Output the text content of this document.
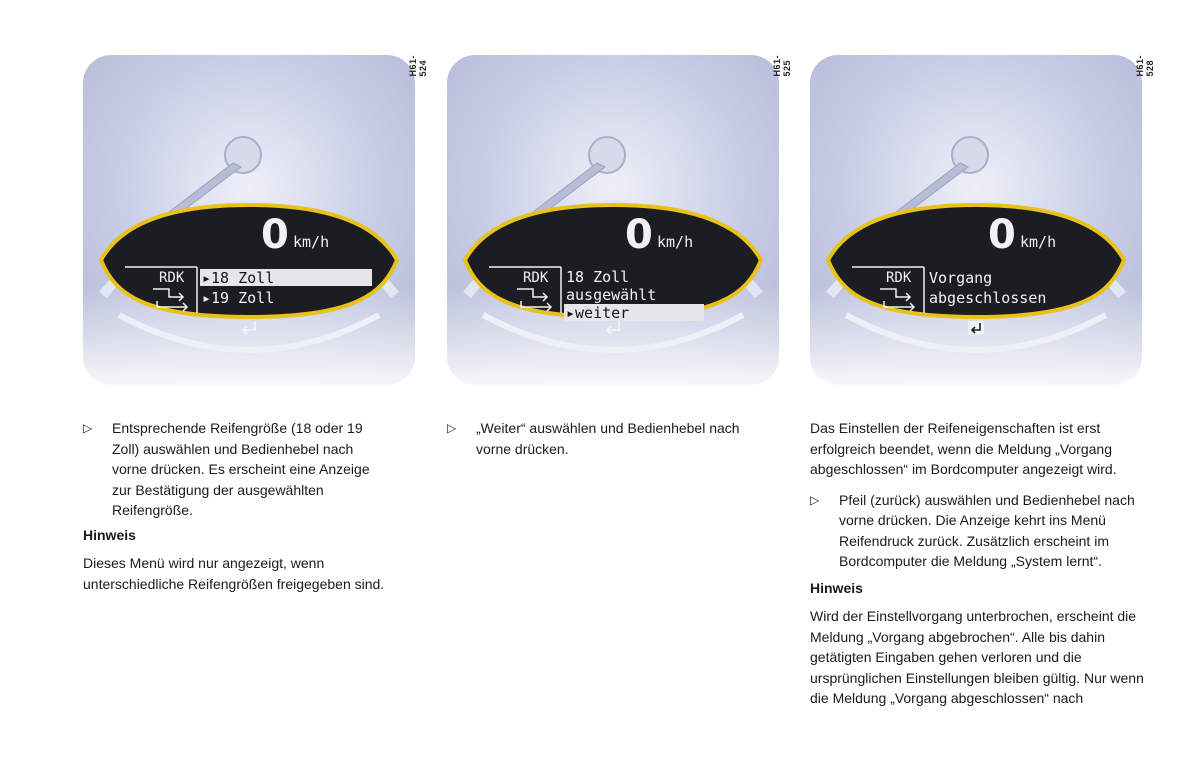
0 km/h
RDK ▸18 Zoll
▸19 Zoll
H61-524
▷ Entsprechende Reifengröße (18 oder 19 Zoll) auswählen und Bedienhebel nach vorne drücken. Es erscheint eine Anzeige zur Bestätigung der ausgewählten Reifengröße.

Hinweis

Dieses Menü wird nur angezeigt, wenn unterschiedliche Reifengrößen freigegeben sind.

0 km/h
RDK 18 Zoll
ausgewählt
▸weiter
H61-525
▷ „Weiter“ auswählen und Bedienhebel nach vorne drücken.
0 km/h
RDK Vorgang
abgeschlossen
H61-528

Das Einstellen der Reifeneigenschaften ist erst erfolgreich beendet, wenn die Meldung „Vorgang abgeschlossen“ im Bordcomputer angezeigt wird.

▷ Pfeil (zurück) auswählen und Bedienhebel nach vorne drücken. Die Anzeige kehrt ins Menü Reifendruck zurück. Zusätzlich erscheint im Bordcomputer die Meldung „System lernt“.

Hinweis

Wird der Einstellvorgang unterbrochen, erscheint die Meldung „Vorgang abgebrochen“. Alle bis dahin getätigten Eingaben gehen verloren und die ursprünglichen Einstellungen bleiben gültig. Nur wenn die Meldung „Vorgang abgeschlossen“ nach
